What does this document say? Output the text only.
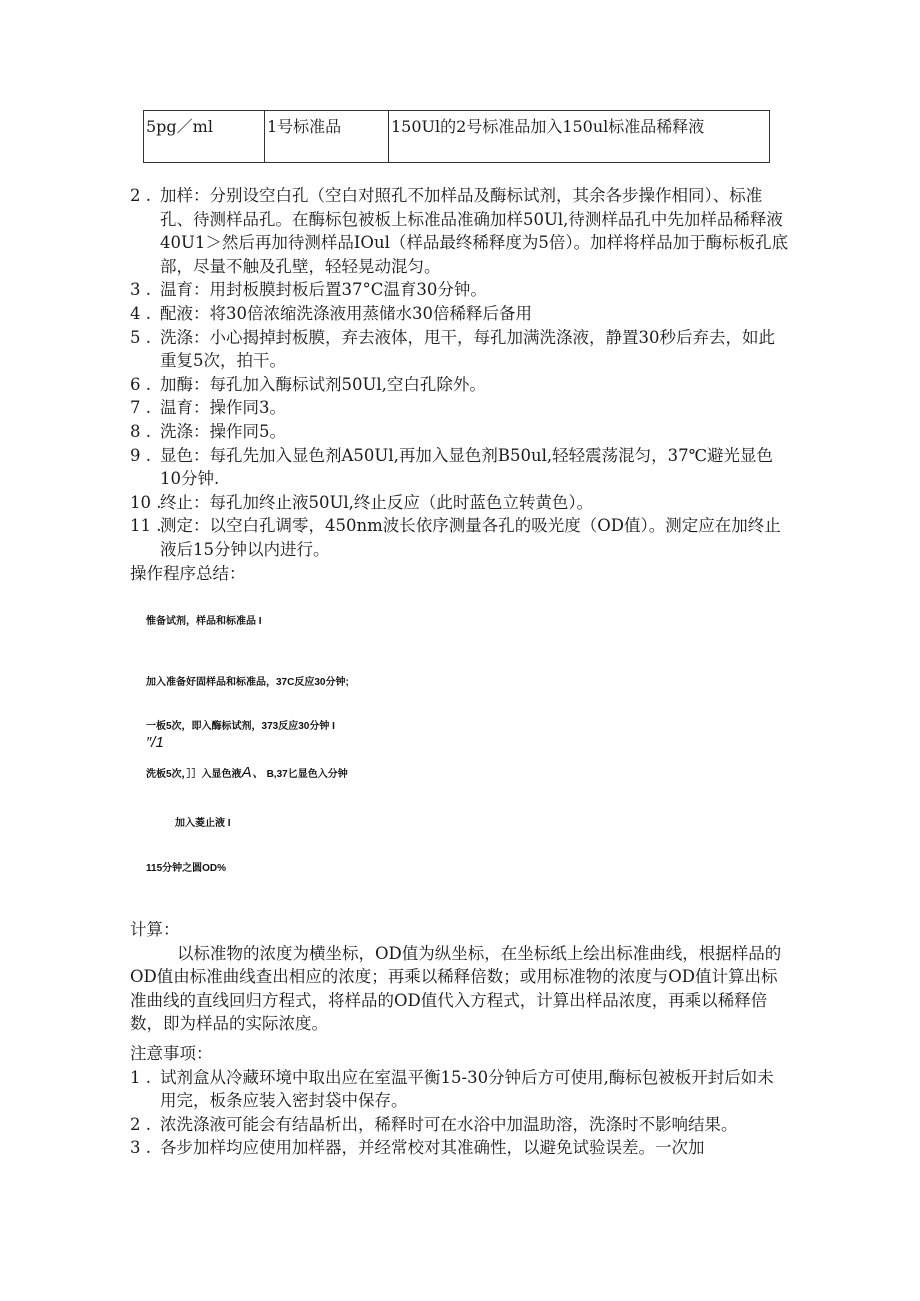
5pg／ml	1号标准品	150Ul的2号标准品加入150ul标准品稀释液
2 . 加样：分别设空白孔（空白对照孔不加样品及酶标试剂，其余各步操作相同）、标准孔、待测样品孔。在酶标包被板上标准品准确加样50Ul,待测样品孔中先加样品稀释液40U1＞然后再加待测样品IOul（样品最终稀释度为5倍）。加样将样品加于酶标板孔底部，尽量不触及孔壁，轻轻晃动混匀。
3 . 温育：用封板膜封板后置37°C温育30分钟。
4 . 配液：将30倍浓缩洗涤液用蒸储水30倍稀释后备用
5 . 洗涤：小心揭掉封板膜，弃去液体，甩干，每孔加满洗涤液，静置30秒后弃去，如此重复5次，拍干。
6 . 加酶：每孔加入酶标试剂50Ul,空白孔除外。
7 . 温育：操作同3。
8 . 洗涤：操作同5。
9 . 显色：每孔先加入显色剂A50Ul,再加入显色剂B50ul,轻轻震荡混匀，37℃避光显色10分钟.
10 .
终止：每孔加终止液50Ul,终止反应（此时蓝色立转黄色）。
11 .
测定：以空白孔调零，450nm波长依序测量各孔的吸光度（OD值）。测定应在加终止液后15分钟以内进行。
操作程序总结：
惟备试剂，样品和标准品 I
加入准备好固样品和标准品，37C反应30分钟;
一板5次，即入酶标试剂，373反应30分钟 I
″/1
洗板5次，］］入显色液A、B,37匕显色入分钟
加入菱止液 I
115分钟之圆OD%
计算：
以标准物的浓度为横坐标，OD值为纵坐标，在坐标纸上绘出标准曲线，根据样品的OD值由标准曲线查出相应的浓度；再乘以稀释倍数；或用标准物的浓度与OD值计算出标准曲线的直线回归方程式，将样品的OD值代入方程式，计算出样品浓度，再乘以稀释倍数，即为样品的实际浓度。
注意事项：
1 . 试剂盒从冷藏环境中取出应在室温平衡15-30分钟后方可使用,酶标包被板开封后如未用完，板条应装入密封袋中保存。
2 . 浓洗涤液可能会有结晶析出，稀释时可在水浴中加温助溶，洗涤时不影响结果。
3 . 各步加样均应使用加样器，并经常校对其准确性，以避免试验误差。一次加
